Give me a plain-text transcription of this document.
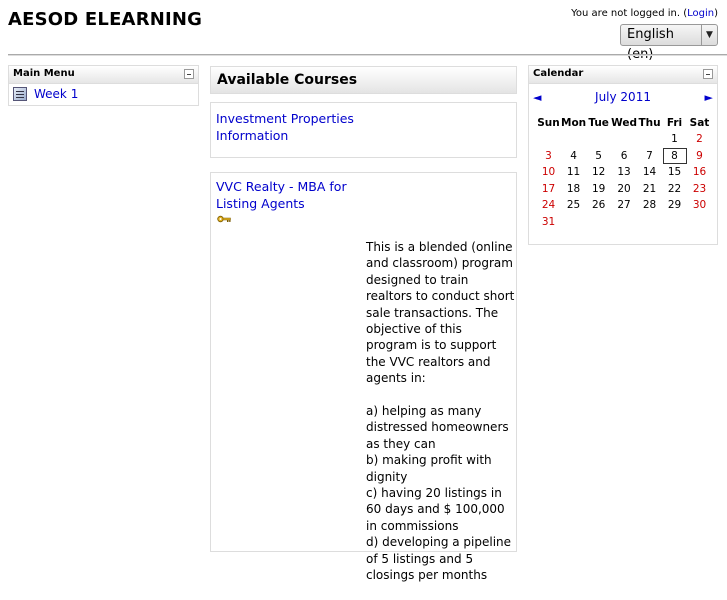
AESOD ELEARNING	You are not logged in. (Login)
English (en)
▼
Main Menu
Week 1
Available Courses
Investment Properties Information
VVC Realty - MBA for Listing Agents

This is a blended (online and classroom) program designed to train realtors to conduct short sale transactions. The objective of this program is to support the VVC realtors and agents in:

a) helping as many distressed homeowners as they can
b) making profit with dignity
c) having 20 listings in 60 days and $ 100,000 in commissions
d) developing a pipeline of 5 listings and 5 closings per months

Calendar
◄	July 2011	►
Sun	Mon	Tue	Wed	Thu	Fri	Sat
					1	2
3	4	5	6	7	8	9
10	11	12	13	14	15	16
17	18	19	20	21	22	23
24	25	26	27	28	29	30
31						
